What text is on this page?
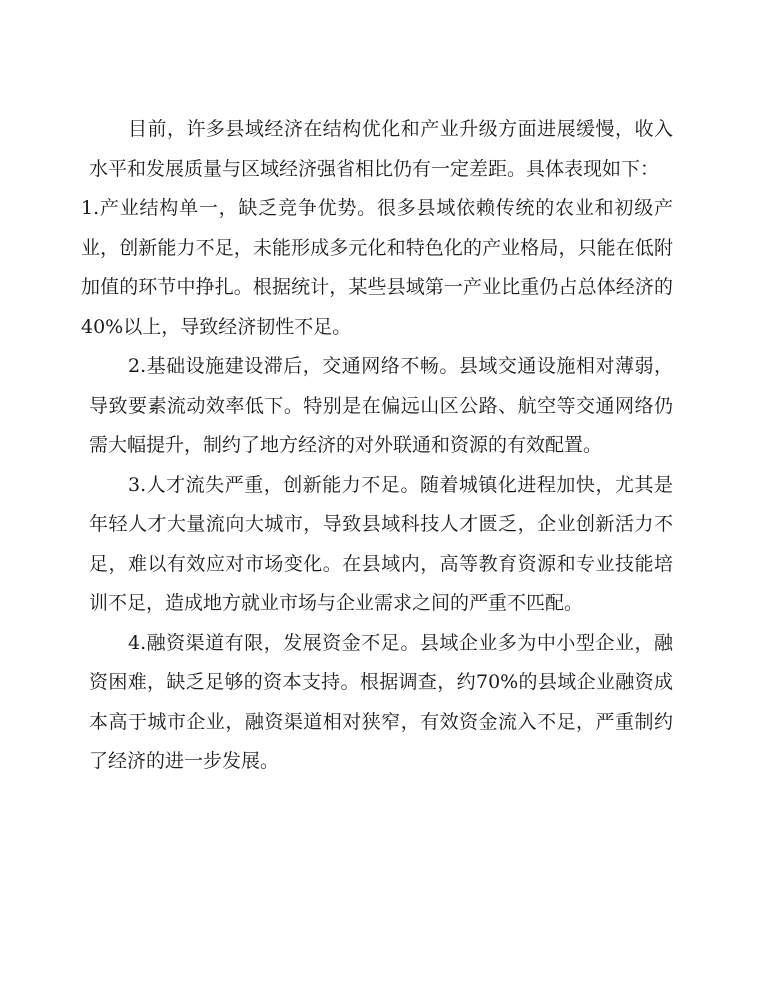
目前，许多县域经济在结构优化和产业升级方面进展缓慢，收入水平和发展质量与区域经济强省相比仍有一定差距。具体表现如下：

1.产业结构单一，缺乏竞争优势。很多县域依赖传统的农业和初级产业，创新能力不足，未能形成多元化和特色化的产业格局，只能在低附加值的环节中挣扎。根据统计，某些县域第一产业比重仍占总体经济的40%以上，导致经济韧性不足。

2.基础设施建设滞后，交通网络不畅。县域交通设施相对薄弱，导致要素流动效率低下。特别是在偏远山区公路、航空等交通网络仍需大幅提升，制约了地方经济的对外联通和资源的有效配置。

3.人才流失严重，创新能力不足。随着城镇化进程加快，尤其是年轻人才大量流向大城市，导致县域科技人才匮乏，企业创新活力不足，难以有效应对市场变化。在县域内，高等教育资源和专业技能培训不足，造成地方就业市场与企业需求之间的严重不匹配。

4.融资渠道有限，发展资金不足。县域企业多为中小型企业，融资困难，缺乏足够的资本支持。根据调查，约70%的县域企业融资成本高于城市企业，融资渠道相对狭窄，有效资金流入不足，严重制约了经济的进一步发展。
